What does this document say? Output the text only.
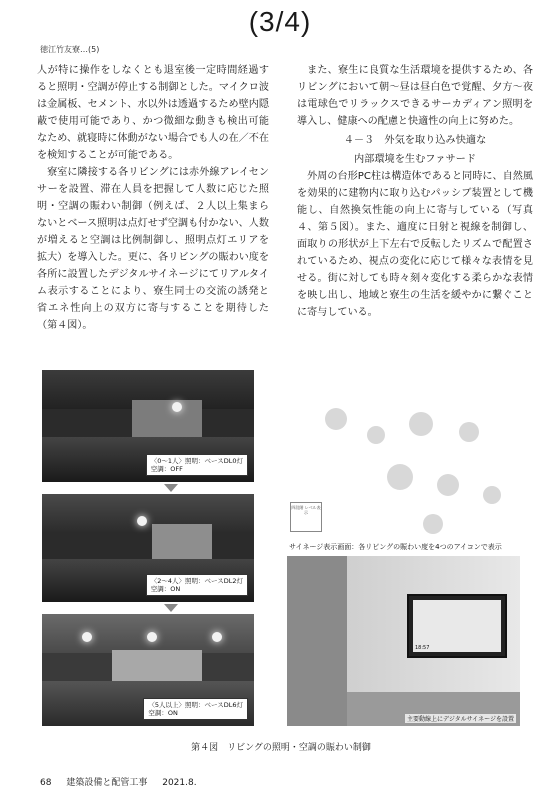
(3/4)
徳江竹友寮…(5)

人が特に操作をしなくとも退室後一定時間経過すると照明・空調が停止する制御とした。マイクロ波は金属板、セメント、水以外は透過するため壁内隠蔽で使用可能であり、かつ微細な動きも検出可能なため、就寝時に体動がない場合でも人の在／不在を検知することが可能である。

寮室に隣接する各リビングには赤外線アレイセンサーを設置、滞在人員を把握して人数に応じた照明・空調の賑わい制御（例えば、２人以上集まらないとベース照明は点灯せず空調も付かない、人数が増えると空調は比例制御し、照明点灯エリアを拡大）を導入した。更に、各リビングの賑わい度を各所に設置したデジタルサイネージにてリアルタイム表示することにより、寮生同士の交流の誘発と省エネ性向上の双方に寄与することを期待した（第４図）。

また、寮生に良質な生活環境を提供するため、各リビングにおいて朝～昼は昼白色で覚醒、夕方～夜は電球色でリラックスできるサーカディアン照明を導入し、健康への配慮と快適性の向上に努めた。

４－３　外気を取り込み快適な
内部環境を生むファサード

外周の台形PC柱は構造体であると同時に、自然風を効果的に建物内に取り込むパッシブ装置として機能し、自然換気性能の向上に寄与している（写真４、第５図）。また、適度に日射と視線を制御し、面取りの形状が上下左右で反転したリズムで配置されているため、視点の変化に応じて様々な表情を見せる。街に対しても時々刻々変化する柔らかな表情を映し出し、地域と寮生の生活を緩やかに繋ぐことに寄与している。

〈0～1人〉照明：ベースDL0灯
空調：OFF
〈2～4人〉照明：ベースDL2灯
空調：ON
〈5人以上〉照明：ベースDL6灯
空調：ON
四段階 レベル表示
サイネージ表示画面：各リビングの賑わい度を4つのアイコンで表示
18:57
主要動線上にデジタルサイネージを設置
第４図　リビングの照明・空調の賑わい制御
68 建築設備と配管工事 2021.8.
